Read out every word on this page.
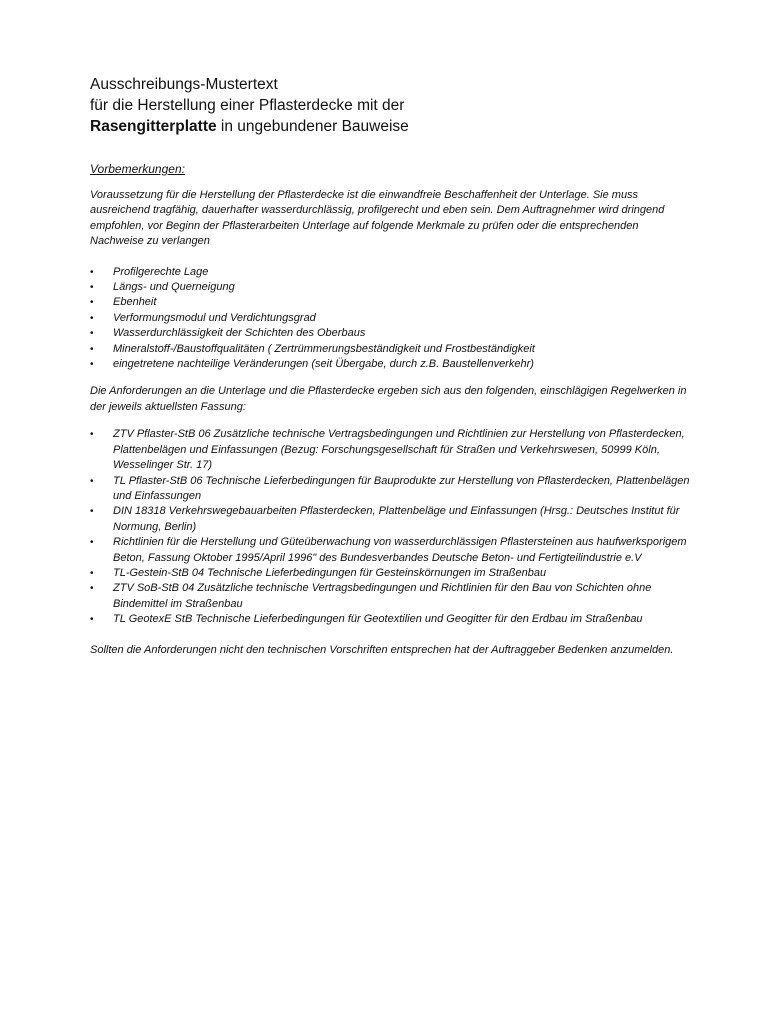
Ausschreibungs-Mustertext
für die Herstellung einer Pflasterdecke mit der
Rasengitterplatte in ungebundener Bauweise
Vorbemerkungen:

Voraussetzung für die Herstellung der Pflasterdecke ist die einwandfreie Beschaffenheit der Unterlage. Sie muss ausreichend tragfähig, dauerhafter wasserdurchlässig, profilgerecht und eben sein. Dem Auftragnehmer wird dringend empfohlen, vor Beginn der Pflasterarbeiten Unterlage auf folgende Merkmale zu prüfen oder die entsprechenden Nachweise zu verlangen

• Profilgerechte Lage
• Längs- und Querneigung
• Ebenheit
• Verformungsmodul und Verdichtungsgrad
• Wasserdurchlässigkeit der Schichten des Oberbaus
• Mineralstoff-/Baustoffqualitäten ( Zertrümmerungsbeständigkeit und Frostbeständigkeit
• eingetretene nachteilige Veränderungen (seit Übergabe, durch z.B. Baustellenverkehr)

Die Anforderungen an die Unterlage und die Pflasterdecke ergeben sich aus den folgenden, einschlägigen Regelwerken in der jeweils aktuellsten Fassung:

• ZTV Pflaster-StB 06 Zusätzliche technische Vertragsbedingungen und Richtlinien zur Herstellung von Pflasterdecken, Plattenbelägen und Einfassungen (Bezug: Forschungsgesellschaft für Straßen und Verkehrswesen, 50999 Köln, Wesselinger Str. 17)
• TL Pflaster-StB 06 Technische Lieferbedingungen für Bauprodukte zur Herstellung von Pflasterdecken, Plattenbelägen und Einfassungen
• DIN 18318 Verkehrswegebauarbeiten Pflasterdecken, Plattenbeläge und Einfassungen (Hrsg.: Deutsches Institut für Normung, Berlin)
• Richtlinien für die Herstellung und Güteüberwachung von wasserdurchlässigen Pflastersteinen aus haufwerksporigem Beton, Fassung Oktober 1995/April 1996" des Bundesverbandes Deutsche Beton- und Fertigteilindustrie e.V
• TL-Gestein-StB 04 Technische Lieferbedingungen für Gesteinskörnungen im Straßenbau
• ZTV SoB-StB 04 Zusätzliche technische Vertragsbedingungen und Richtlinien für den Bau von Schichten ohne Bindemittel im Straßenbau
• TL GeotexE StB Technische Lieferbedingungen für Geotextilien und Geogitter für den Erdbau im Straßenbau

Sollten die Anforderungen nicht den technischen Vorschriften entsprechen hat der Auftraggeber Bedenken anzumelden.
